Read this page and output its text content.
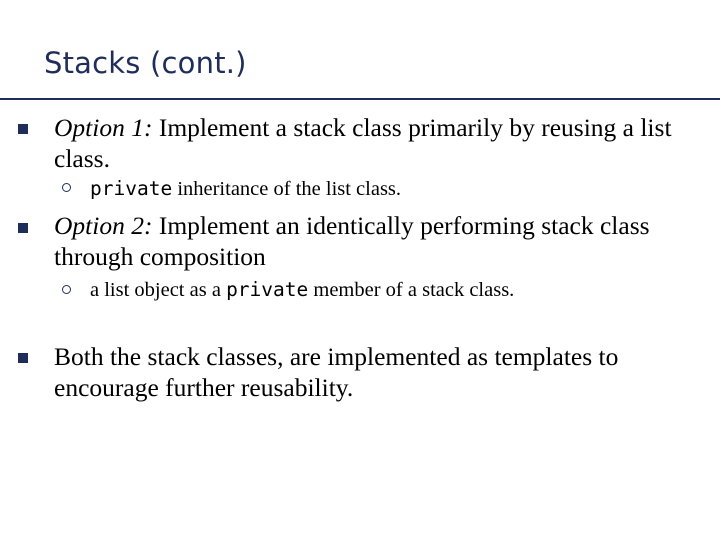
Stacks (cont.)
Option 1: Implement a stack class primarily by reusing a list class.
private inheritance of the list class.
Option 2: Implement an identically performing stack class through composition
a list object as a private member of a stack class.
Both the stack classes, are implemented as templates to encourage further reusability.
